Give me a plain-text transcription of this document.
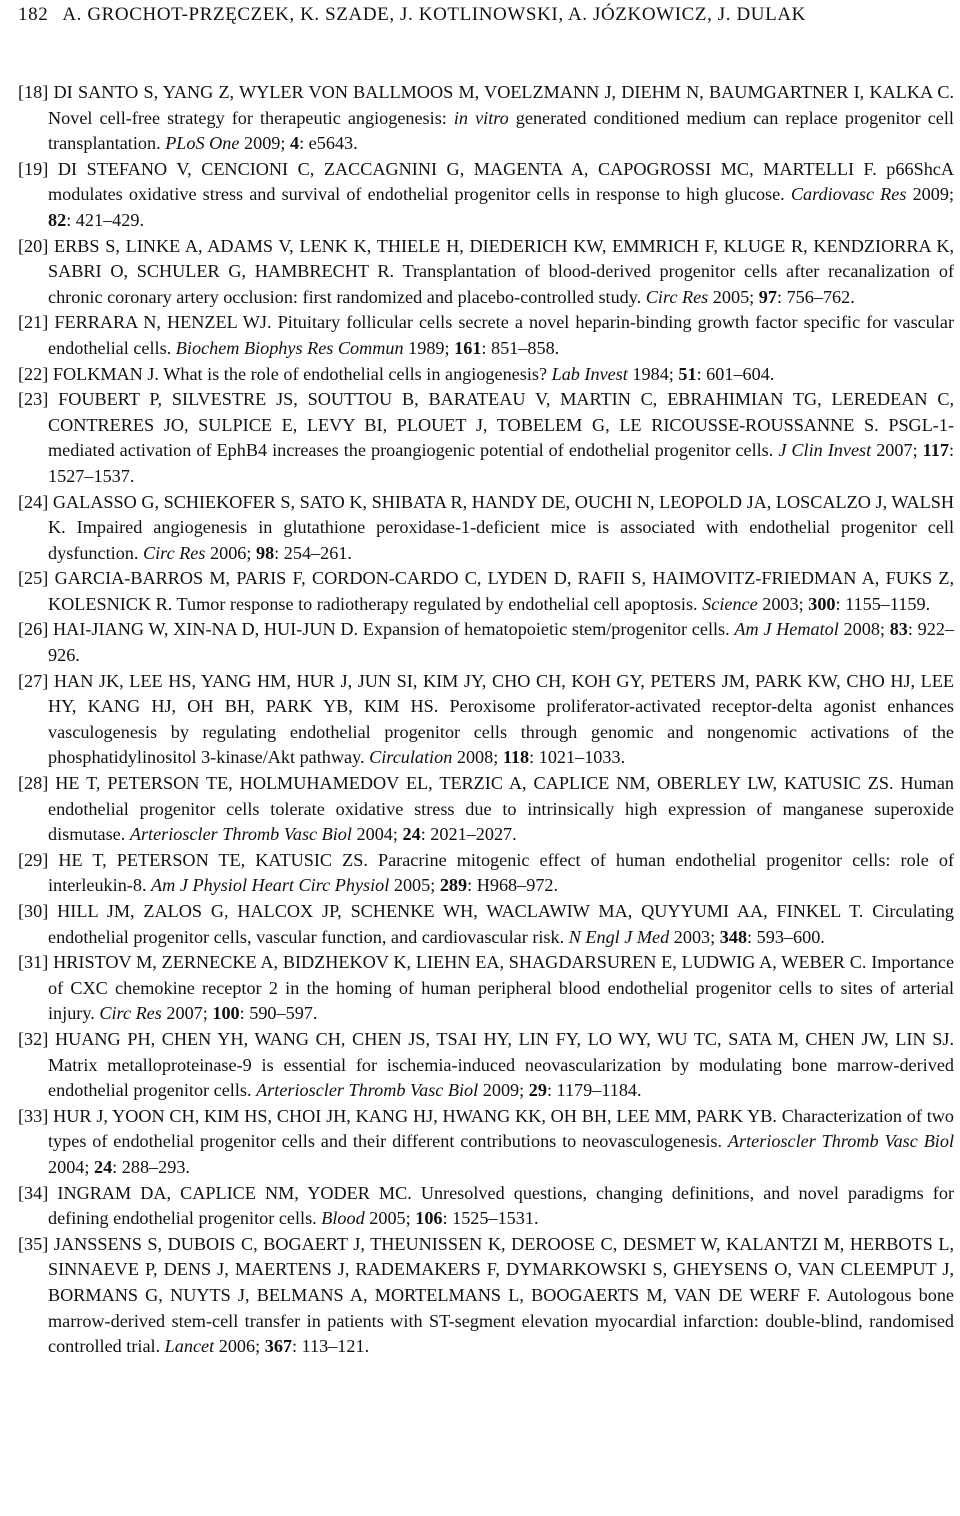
182 A. GROCHOT-PRZĘCZEK, K. SZADE, J. KOTLINOWSKI, A. JÓZKOWICZ, J. DULAK
[18] DI SANTO S, YANG Z, WYLER VON BALLMOOS M, VOELZMANN J, DIEHM N, BAUMGARTNER I, KALKA C. Novel cell-free strategy for therapeutic angiogenesis: in vitro generated conditioned medium can replace progenitor cell transplantation. PLoS One 2009; 4: e5643.
[19] DI STEFANO V, CENCIONI C, ZACCAGNINI G, MAGENTA A, CAPOGROSSI MC, MARTELLI F. p66ShcA modulates oxidative stress and survival of endothelial progenitor cells in response to high glucose. Cardiovasc Res 2009; 82: 421–429.
[20] ERBS S, LINKE A, ADAMS V, LENK K, THIELE H, DIEDERICH KW, EMMRICH F, KLUGE R, KENDZIORRA K, SABRI O, SCHULER G, HAMBRECHT R. Transplantation of blood-derived progenitor cells after recanalization of chronic coronary artery occlusion: first randomized and placebo-controlled study. Circ Res 2005; 97: 756–762.
[21] FERRARA N, HENZEL WJ. Pituitary follicular cells secrete a novel heparin-binding growth factor specific for vascular endothelial cells. Biochem Biophys Res Commun 1989; 161: 851–858.
[22] FOLKMAN J. What is the role of endothelial cells in angiogenesis? Lab Invest 1984; 51: 601–604.
[23] FOUBERT P, SILVESTRE JS, SOUTTOU B, BARATEAU V, MARTIN C, EBRAHIMIAN TG, LEREDEAN C, CONTRERES JO, SULPICE E, LEVY BI, PLOUET J, TOBELEM G, LE RICOUSSE-ROUSSANNE S. PSGL-1-mediated activation of EphB4 increases the proangiogenic potential of endothelial progenitor cells. J Clin Invest 2007; 117: 1527–1537.
[24] GALASSO G, SCHIEKOFER S, SATO K, SHIBATA R, HANDY DE, OUCHI N, LEOPOLD JA, LOSCALZO J, WALSH K. Impaired angiogenesis in glutathione peroxidase-1-deficient mice is associated with endothelial progenitor cell dysfunction. Circ Res 2006; 98: 254–261.
[25] GARCIA-BARROS M, PARIS F, CORDON-CARDO C, LYDEN D, RAFII S, HAIMOVITZ-FRIEDMAN A, FUKS Z, KOLESNICK R. Tumor response to radiotherapy regulated by endothelial cell apoptosis. Science 2003; 300: 1155–1159.
[26] HAI-JIANG W, XIN-NA D, HUI-JUN D. Expansion of hematopoietic stem/progenitor cells. Am J Hematol 2008; 83: 922–926.
[27] HAN JK, LEE HS, YANG HM, HUR J, JUN SI, KIM JY, CHO CH, KOH GY, PETERS JM, PARK KW, CHO HJ, LEE HY, KANG HJ, OH BH, PARK YB, KIM HS. Peroxisome proliferator-activated receptor-delta agonist enhances vasculogenesis by regulating endothelial progenitor cells through genomic and nongenomic activations of the phosphatidylinositol 3-kinase/Akt pathway. Circulation 2008; 118: 1021–1033.
[28] HE T, PETERSON TE, HOLMUHAMEDOV EL, TERZIC A, CAPLICE NM, OBERLEY LW, KATUSIC ZS. Human endothelial progenitor cells tolerate oxidative stress due to intrinsically high expression of manganese superoxide dismutase. Arterioscler Thromb Vasc Biol 2004; 24: 2021–2027.
[29] HE T, PETERSON TE, KATUSIC ZS. Paracrine mitogenic effect of human endothelial progenitor cells: role of interleukin-8. Am J Physiol Heart Circ Physiol 2005; 289: H968–972.
[30] HILL JM, ZALOS G, HALCOX JP, SCHENKE WH, WACLAWIW MA, QUYYUMI AA, FINKEL T. Circulating endothelial progenitor cells, vascular function, and cardiovascular risk. N Engl J Med 2003; 348: 593–600.
[31] HRISTOV M, ZERNECKE A, BIDZHEKOV K, LIEHN EA, SHAGDARSUREN E, LUDWIG A, WEBER C. Importance of CXC chemokine receptor 2 in the homing of human peripheral blood endothelial progenitor cells to sites of arterial injury. Circ Res 2007; 100: 590–597.
[32] HUANG PH, CHEN YH, WANG CH, CHEN JS, TSAI HY, LIN FY, LO WY, WU TC, SATA M, CHEN JW, LIN SJ. Matrix metalloproteinase-9 is essential for ischemia-induced neovascularization by modulating bone marrow-derived endothelial progenitor cells. Arterioscler Thromb Vasc Biol 2009; 29: 1179–1184.
[33] HUR J, YOON CH, KIM HS, CHOI JH, KANG HJ, HWANG KK, OH BH, LEE MM, PARK YB. Characterization of two types of endothelial progenitor cells and their different contributions to neovasculogenesis. Arterioscler Thromb Vasc Biol 2004; 24: 288–293.
[34] INGRAM DA, CAPLICE NM, YODER MC. Unresolved questions, changing definitions, and novel paradigms for defining endothelial progenitor cells. Blood 2005; 106: 1525–1531.
[35] JANSSENS S, DUBOIS C, BOGAERT J, THEUNISSEN K, DEROOSE C, DESMET W, KALANTZI M, HERBOTS L, SINNAEVE P, DENS J, MAERTENS J, RADEMAKERS F, DYMARKOWSKI S, GHEYSENS O, VAN CLEEMPUT J, BORMANS G, NUYTS J, BELMANS A, MORTELMANS L, BOOGAERTS M, VAN DE WERF F. Autologous bone marrow-derived stem-cell transfer in patients with ST-segment elevation myocardial infarction: double-blind, randomised controlled trial. Lancet 2006; 367: 113–121.
